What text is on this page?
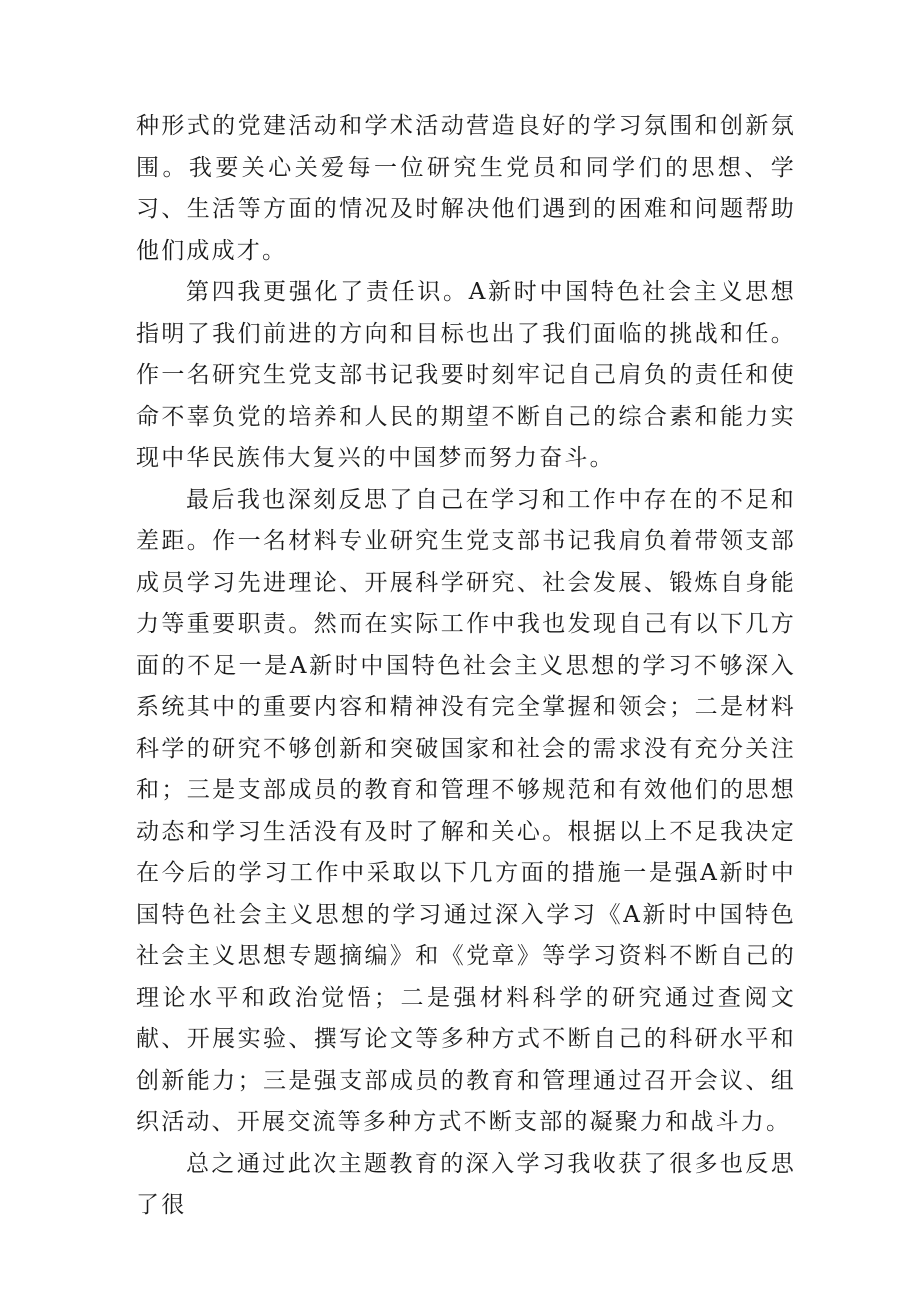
种形式的党建活动和学术活动营造良好的学习氛围和创新氛围。我要关心关爱每一位研究生党员和同学们的思想、学习、生活等方面的情况及时解决他们遇到的困难和问题帮助他们成成才。

第四我更强化了责任识。A新时中国特色社会主义思想指明了我们前进的方向和目标也出了我们面临的挑战和任。作一名研究生党支部书记我要时刻牢记自己肩负的责任和使命不辜负党的培养和人民的期望不断自己的综合素和能力实现中华民族伟大复兴的中国梦而努力奋斗。

最后我也深刻反思了自己在学习和工作中存在的不足和差距。作一名材料专业研究生党支部书记我肩负着带领支部成员学习先进理论、开展科学研究、社会发展、锻炼自身能力等重要职责。然而在实际工作中我也发现自己有以下几方面的不足一是A新时中国特色社会主义思想的学习不够深入系统其中的重要内容和精神没有完全掌握和领会；二是材料科学的研究不够创新和突破国家和社会的需求没有充分关注和；三是支部成员的教育和管理不够规范和有效他们的思想动态和学习生活没有及时了解和关心。根据以上不足我决定在今后的学习工作中采取以下几方面的措施一是强A新时中国特色社会主义思想的学习通过深入学习《A新时中国特色社会主义思想专题摘编》和《党章》等学习资料不断自己的理论水平和政治觉悟；二是强材料科学的研究通过查阅文献、开展实验、撰写论文等多种方式不断自己的科研水平和创新能力；三是强支部成员的教育和管理通过召开会议、组织活动、开展交流等多种方式不断支部的凝聚力和战斗力。

总之通过此次主题教育的深入学习我收获了很多也反思了很
